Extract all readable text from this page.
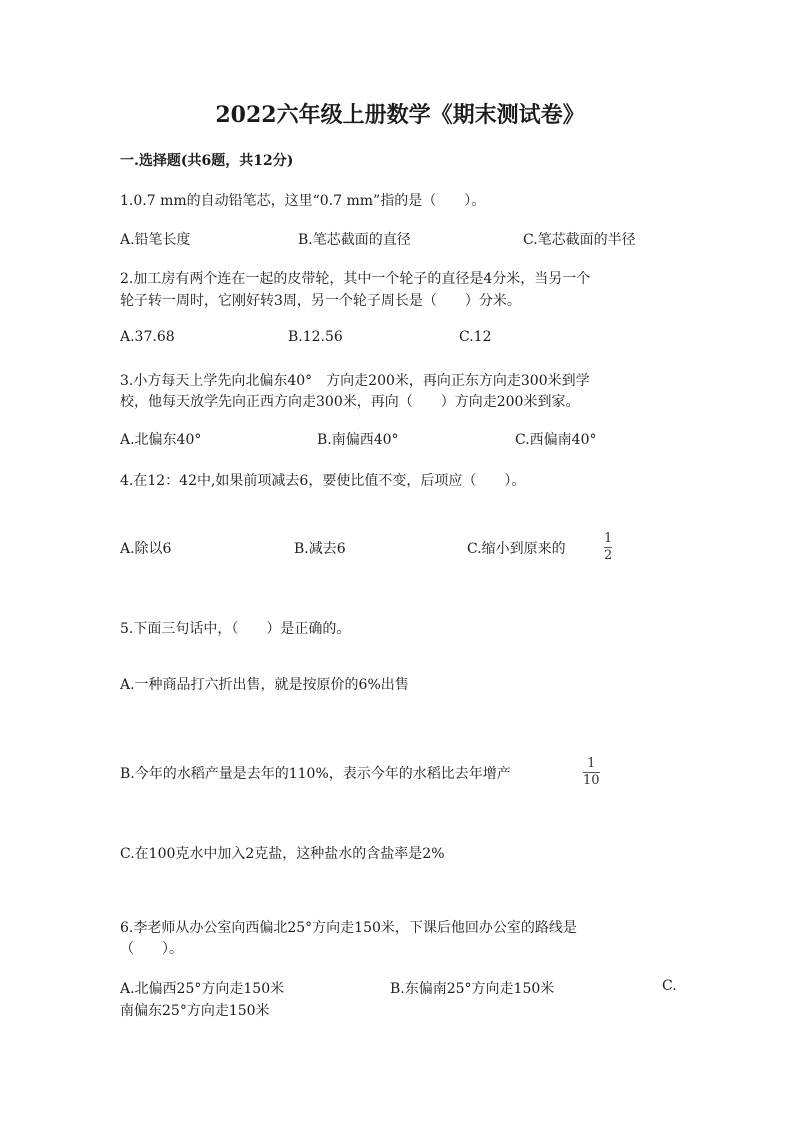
2022六年级上册数学《期末测试卷》
一.选择题(共6题，共12分)
1.0.7 mm的自动铅笔芯，这里“0.7 mm”指的是（　　）。
A.铅笔长度	B.笔芯截面的直径	C.笔芯截面的半径
2.加工房有两个连在一起的皮带轮，其中一个轮子的直径是4分米，当另一个
轮子转一周时，它刚好转3周，另一个轮子周长是（　　）分米。
A.37.68	B.12.56	C.12
3.小方每天上学先向北偏东40°　方向走200米，再向正东方向走300米到学
校，他每天放学先向正西方向走300米，再向（　　）方向走200米到家。
A.北偏东40°	B.南偏西40°	C.西偏南40°
4.在12：42中,如果前项减去6，要使比值不变，后项应（　　）。
A.除以6	B.减去6	C.缩小到原来的
1
2
5.下面三句话中，（　　）是正确的。
A.一种商品打六折出售，就是按原价的6%出售
B.今年的水稻产量是去年的110%，表示今年的水稻比去年增产
1
10
C.在100克水中加入2克盐，这种盐水的含盐率是2%
6.李老师从办公室向西偏北25°方向走150米，下课后他回办公室的路线是
（　　）。
A.北偏西25°方向走150米	B.东偏南25°方向走150米	C.
南偏东25°方向走150米
